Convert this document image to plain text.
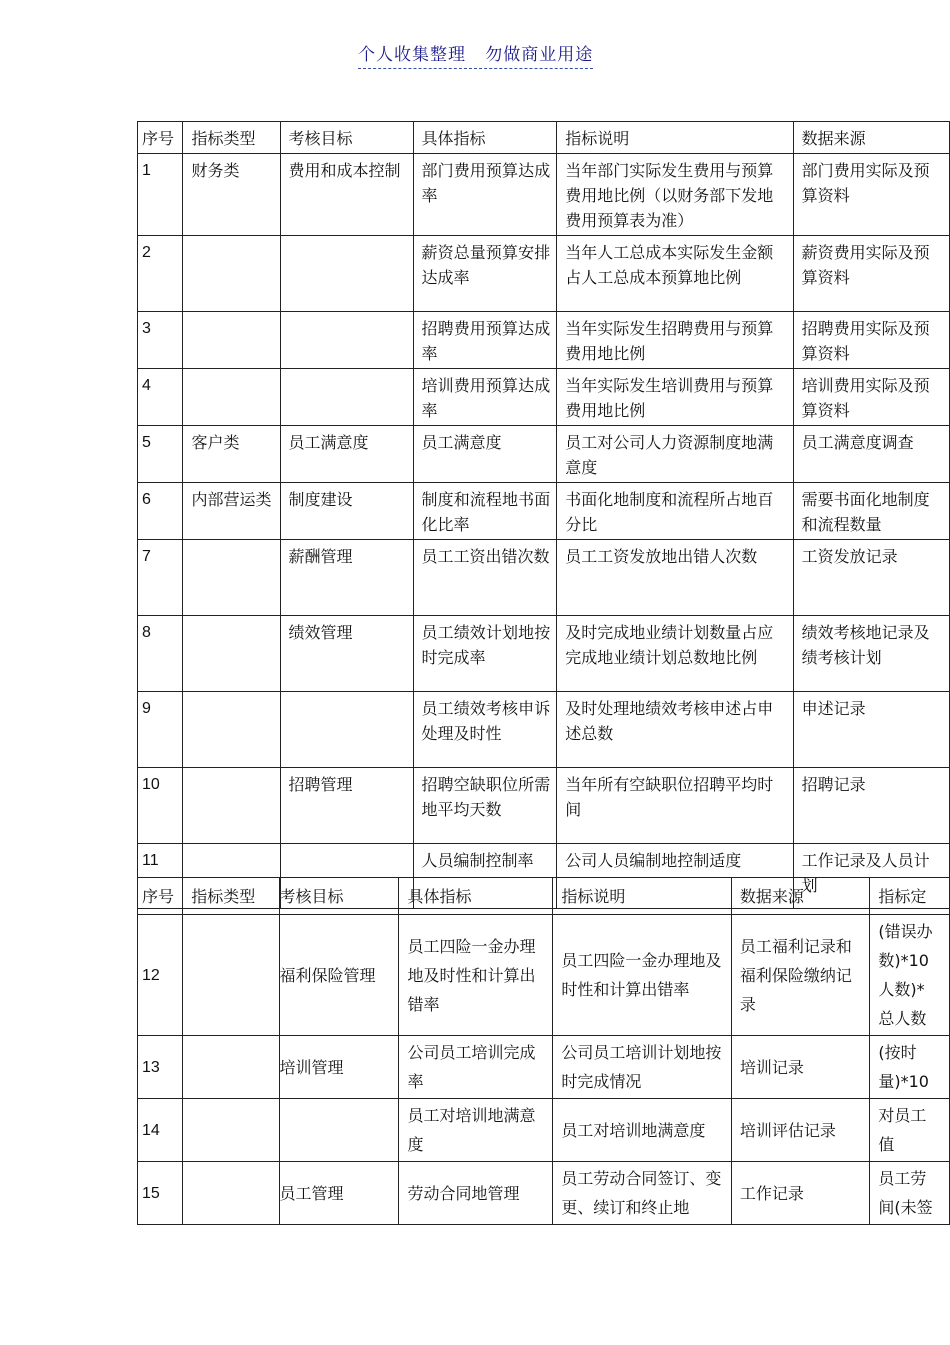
个人收集整理   勿做商业用途
序号	指标类型	考核目标	具体指标	指标说明	数据来源
1	财务类	费用和成本控制	部门费用预算达成率	当年部门实际发生费用与预算费用地比例（以财务部下发地费用预算表为准）	部门费用实际及预算资料
2			薪资总量预算安排达成率	当年人工总成本实际发生金额占人工总成本预算地比例	薪资费用实际及预算资料
3			招聘费用预算达成率	当年实际发生招聘费用与预算费用地比例	招聘费用实际及预算资料
4			培训费用预算达成率	当年实际发生培训费用与预算费用地比例	培训费用实际及预算资料
5	客户类	员工满意度	员工满意度	员工对公司人力资源制度地满意度	员工满意度调查
6	内部营运类	制度建设	制度和流程地书面化比率	书面化地制度和流程所占地百分比	需要书面化地制度和流程数量
7		薪酬管理	员工工资出错次数	员工工资发放地出错人次数	工资发放记录
8		绩效管理	员工绩效计划地按时完成率	及时完成地业绩计划数量占应完成地业绩计划总数地比例	绩效考核地记录及绩考核计划
9			员工绩效考核申诉处理及时性	及时处理地绩效考核申述占申述总数	申述记录
10		招聘管理	招聘空缺职位所需地平均天数	当年所有空缺职位招聘平均时间	招聘记录
11			人员编制控制率	公司人员编制地控制适度	工作记录及人员计划
序号	指标类型	考核目标	具体指标	指标说明	数据来源	指标定
12		福利保险管理	员工四险一金办理地及时性和计算出错率	员工四险一金办理地及时性和计算出错率	员工福利记录和福利保险缴纳记录	(错误办
数)*10
人数)*
总人数
13		培训管理	公司员工培训完成率	公司员工培训计划地按时完成情况	培训记录	(按时
量)*10
14			员工对培训地满意度	员工对培训地满意度	培训评估记录	对员工
值
15		员工管理	劳动合同地管理	员工劳动合同签订、变更、续订和终止地	工作记录	员工劳
间(未签
